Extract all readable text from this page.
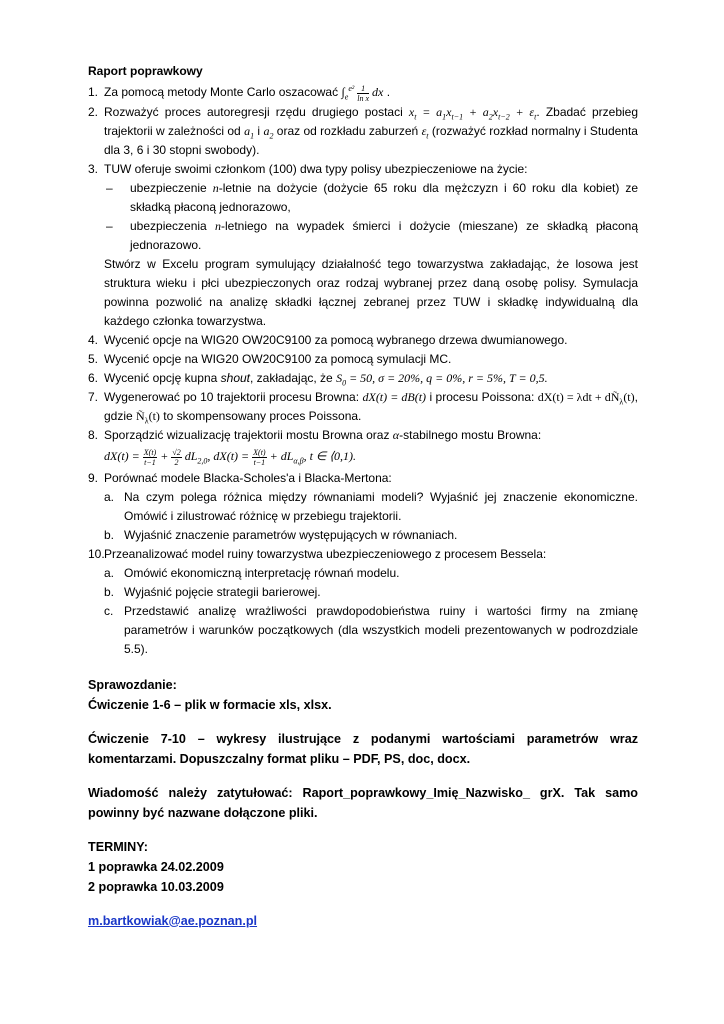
Raport poprawkowy
1. Za pomocą metody Monte Carlo oszacować $\int_e^{e^2} \frac{1}{\text{ln x}}$ dx .
2. Rozważyć proces autoregresji rzędu drugiego postaci $x_t = a_1x_{t-1} + a_2x_{t-2} + \varepsilon_t$. Zbadać przebieg trajektorii w zależności od $a_1$ i $a_2$ oraz od rozkładu zaburzeń $\varepsilon_t$ (rozważyć rozkład normalny i Studenta dla 3, 6 i 30 stopni swobody).
3. TUW oferuje swoimi członkom (100) dwa typy polisy ubezpieczeniowe na życie:
– ubezpieczenie n-letnie na dożycie (dożycie 65 roku dla mężczyzn i 60 roku dla kobiet) ze składką płaconą jednorazowo,
– ubezpieczenia n-letniego na wypadek śmierci i dożycie (mieszane) ze składką płaconą jednorazowo.
Stwórz w Excelu program symulujący działalność tego towarzystwa zakładając, że losowa jest struktura wieku i płci ubezpieczonych oraz rodzaj wybranej przez daną osobę polisy. Symulacja powinna pozwolić na analizę składki łącznej zebranej przez TUW i składkę indywidualną dla każdego członka towarzystwa.
4. Wycenić opcje na WIG20 OW20C9100 za pomocą wybranego drzewa dwumianowego.
5. Wycenić opcje na WIG20 OW20C9100 za pomocą symulacji MC.
6. Wycenić opcję kupna shout, zakładając, że $S_0 = 50$, σ = 20%, q = 0%, r = 5%, T = 0,5.
7. Wygenerować po 10 trajektorii procesu Browna: dX(t) = dB(t) i procesu Poissona: $dX(t) = \lambda dt + dÑ_\lambda(t)$, gdzie $Ñ_\lambda(t)$ to skompensowany proces Poissona.
8. Sporządzić wizualizację trajektorii mostu Browna oraz α-stabilnego mostu Browna:
$dX(t) = \frac{X(t)}{t-1} + \frac{√2}{2} dL_{2,0}$, $dX(t) = \frac{X(t)}{t-1} + dL_{\alpha,\beta}$, t ∈ ⟨0,1).
9. Porównać modele Blacka-Scholes'a i Blacka-Mertona:
a. Na czym polega różnica między równaniami modeli? Wyjaśnić jej znaczenie ekonomiczne. Omówić i zilustrować różnicę w przebiegu trajektorii.
b. Wyjaśnić znaczenie parametrów występujących w równaniach.
10. Przeanalizować model ruiny towarzystwa ubezpieczeniowego z procesem Bessela:
a. Omówić ekonomiczną interpretację równań modelu.
b. Wyjaśnić pojęcie strategii barierowej.
c. Przedstawić analizę wrażliwości prawdopodobieństwa ruiny i wartości firmy na zmianę parametrów i warunków początkowych (dla wszystkich modeli prezentowanych w podrozdziale 5.5).

Sprawozdanie:

Ćwiczenie 1-6 – plik w formacie xls, xlsx.

Ćwiczenie 7-10 – wykresy ilustrujące z podanymi wartościami parametrów wraz komentarzami. Dopuszczalny format pliku – PDF, PS, doc, docx.

Wiadomość należy zatytułować: Raport_poprawkowy_Imię_Nazwisko_ grX. Tak samo powinny być nazwane dołączone pliki.

TERMINY:

1 poprawka 24.02.2009

2 poprawka 10.03.2009

m.bartkowiak@ae.poznan.pl
